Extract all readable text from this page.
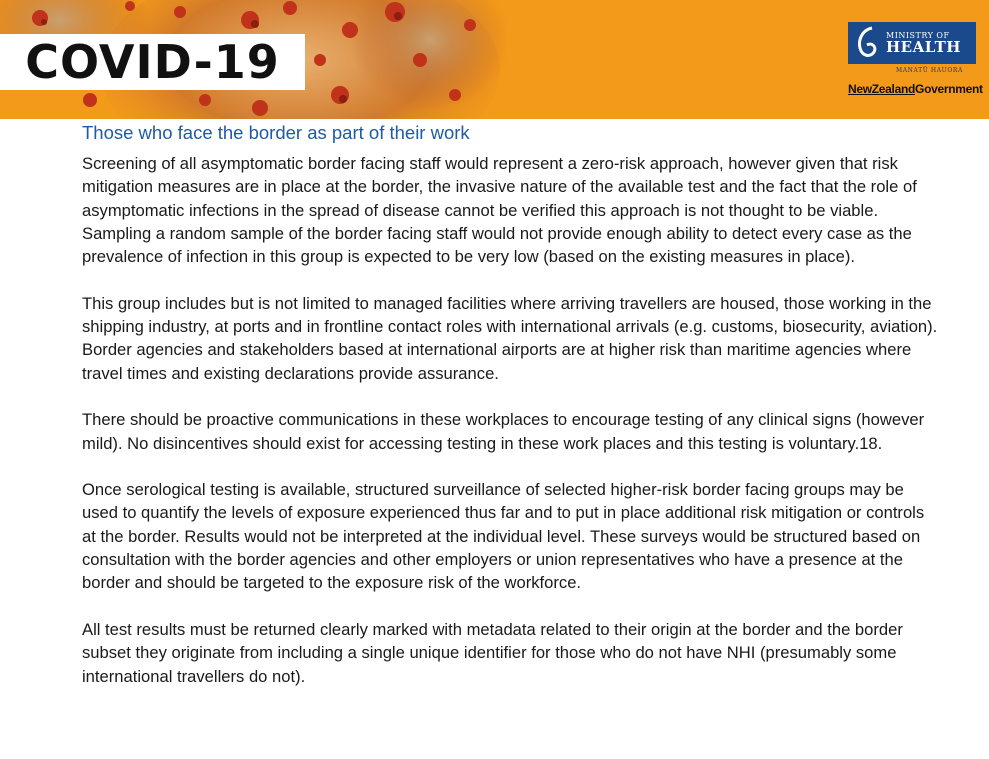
COVID-19	MINISTRY OF
HEALTH
MANATŪ HAUORA
NewZealandGovernment
Those who face the border as part of their work

Screening of all asymptomatic border facing staff would represent a zero-risk approach, however given that risk mitigation measures are in place at the border, the invasive nature of the available test and the fact that the role of asymptomatic infections in the spread of disease cannot be verified this approach is not thought to be viable. Sampling a random sample of the border facing staff would not provide enough ability to detect every case as the prevalence of infection in this group is expected to be very low (based on the existing measures in place).

This group includes but is not limited to managed facilities where arriving travellers are housed, those working in the shipping industry, at ports and in frontline contact roles with international arrivals (e.g. customs, biosecurity, aviation). Border agencies and stakeholders based at international airports are at higher risk than maritime agencies where travel times and existing declarations provide assurance.

There should be proactive communications in these workplaces to encourage testing of any clinical signs (however mild). No disincentives should exist for accessing testing in these work places and this testing is voluntary.18.

Once serological testing is available, structured surveillance of selected higher-risk border facing groups may be used to quantify the levels of exposure experienced thus far and to put in place additional risk mitigation or controls at the border. Results would not be interpreted at the individual level. These surveys would be structured based on consultation with the border agencies and other employers or union representatives who have a presence at the border and should be targeted to the exposure risk of the workforce.

All test results must be returned clearly marked with metadata related to their origin at the border and the border subset they originate from including a single unique identifier for those who do not have NHI (presumably some international travellers do not).
